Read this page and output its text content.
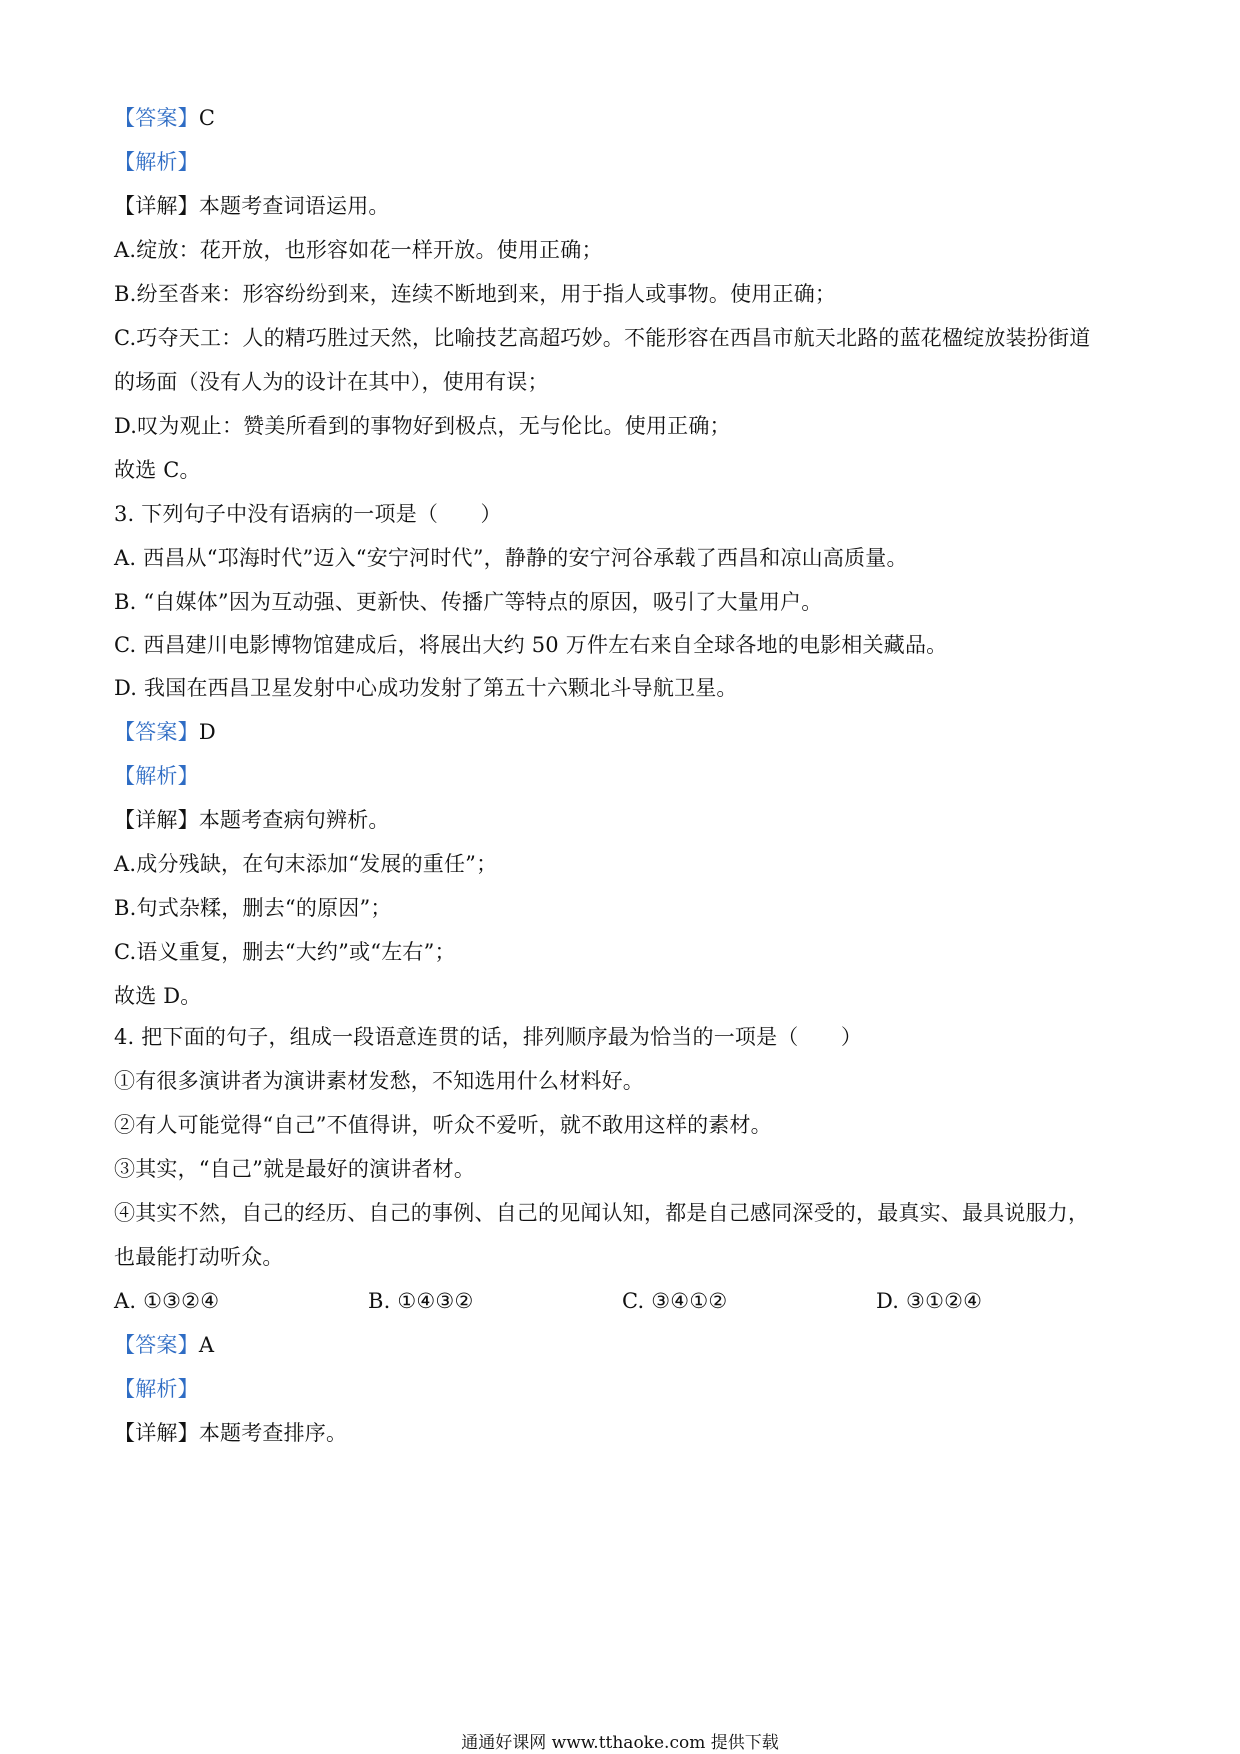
【答案】C
【解析】
【详解】本题考查词语运用。
A.绽放：花开放，也形容如花一样开放。使用正确；
B.纷至沓来：形容纷纷到来，连续不断地到来，用于指人或事物。使用正确；
C.巧夺天工：人的精巧胜过天然，比喻技艺高超巧妙。不能形容在西昌市航天北路的蓝花楹绽放装扮街道
的场面（没有人为的设计在其中），使用有误；
D.叹为观止：赞美所看到的事物好到极点，无与伦比。使用正确；
故选 C。
3. 下列句子中没有语病的一项是（　　）
A. 西昌从“邛海时代”迈入“安宁河时代”，静静的安宁河谷承载了西昌和凉山高质量。
B. “自媒体”因为互动强、更新快、传播广等特点的原因，吸引了大量用户。
C. 西昌建川电影博物馆建成后，将展出大约 50 万件左右来自全球各地的电影相关藏品。
D. 我国在西昌卫星发射中心成功发射了第五十六颗北斗导航卫星。
【答案】D
【解析】
【详解】本题考查病句辨析。
A.成分残缺，在句末添加“发展的重任”；
B.句式杂糅，删去“的原因”；
C.语义重复，删去“大约”或“左右”；
故选 D。
4. 把下面的句子，组成一段语意连贯的话，排列顺序最为恰当的一项是（　　）
①有很多演讲者为演讲素材发愁，不知选用什么材料好。
②有人可能觉得“自己”不值得讲，听众不爱听，就不敢用这样的素材。
③其实，“自己”就是最好的演讲者材。
④其实不然，自己的经历、自己的事例、自己的见闻认知，都是自己感同深受的，最真实、最具说服力，
也最能打动听众。
A. ①③②④	B. ①④③②	C. ③④①②	D. ③①②④
【答案】A
【解析】
【详解】本题考查排序。
通通好课网 www.tthaoke.com 提供下载
